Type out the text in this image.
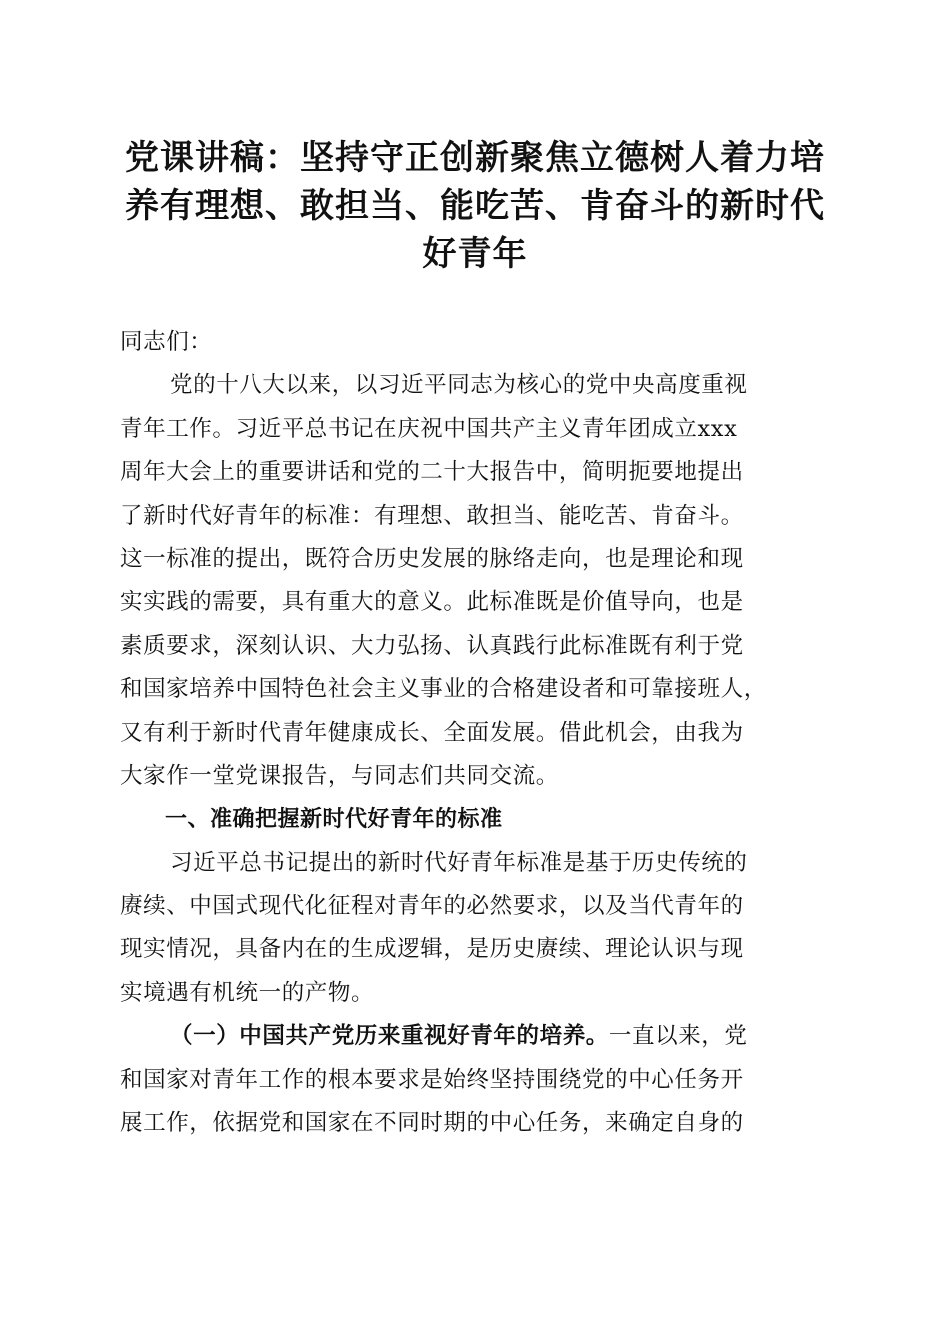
党课讲稿：坚持守正创新聚焦立德树人着力培
养有理想、敢担当、能吃苦、肯奋斗的新时代
好青年
同志们：
党的十八大以来，以习近平同志为核心的党中央高度重视
青年工作。习近平总书记在庆祝中国共产主义青年团成立xxx
周年大会上的重要讲话和党的二十大报告中，简明扼要地提出
了新时代好青年的标准：有理想、敢担当、能吃苦、肯奋斗。
这一标准的提出，既符合历史发展的脉络走向，也是理论和现
实实践的需要，具有重大的意义。此标准既是价值导向，也是
素质要求，深刻认识、大力弘扬、认真践行此标准既有利于党
和国家培养中国特色社会主义事业的合格建设者和可靠接班人，
又有利于新时代青年健康成长、全面发展。借此机会，由我为
大家作一堂党课报告，与同志们共同交流。
一、准确把握新时代好青年的标准
习近平总书记提出的新时代好青年标准是基于历史传统的
赓续、中国式现代化征程对青年的必然要求，以及当代青年的
现实情况，具备内在的生成逻辑，是历史赓续、理论认识与现
实境遇有机统一的产物。
（一）中国共产党历来重视好青年的培养。一直以来，党
和国家对青年工作的根本要求是始终坚持围绕党的中心任务开
展工作，依据党和国家在不同时期的中心任务，来确定自身的
